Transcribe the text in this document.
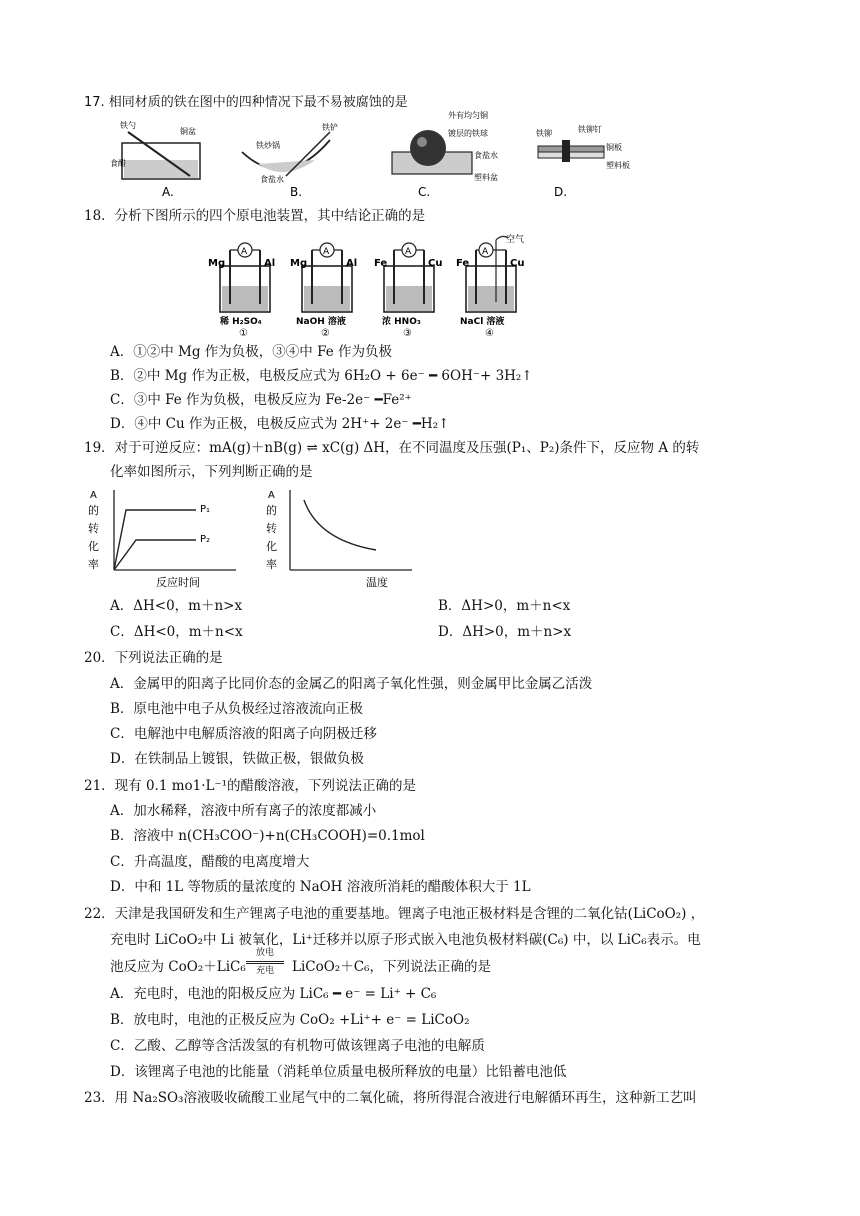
17. 相同材质的铁在图中的四种情况下最不易被腐蚀的是
铁勺
铜盆
食醋
A.
铁炒锅
铁铲
食盐水
B.
外有均匀铜
镀层的铁球
食盐水
塑料盆
C.
铁铆	铁铆钉
铜板
塑料板
D.
18．分析下图所示的四个原电池装置，其中结论正确的是
A
Mg	Al
稀 H₂SO₄
①
A
Mg	Al
NaOH 溶液
②
A
Fe	Cu
浓 HNO₃
③
A
空气
Fe	Cu
NaCl 溶液
④
A．①②中 Mg 作为负极，③④中 Fe 作为负极
B．②中 Mg 作为正极，电极反应式为 6H₂O + 6e⁻ ━ 6OH⁻+ 3H₂↑
C．③中 Fe 作为负极，电极反应为 Fe-2e⁻ ━Fe²⁺
D．④中 Cu 作为正极，电极反应式为 2H⁺+ 2e⁻ ━H₂↑
19．对于可逆反应：mA(g)＋nB(g) ⇌ xC(g) ΔH，在不同温度及压强(P₁、P₂)条件下，反应物 A 的转
化率如图所示，下列判断正确的是
A
的
转
化
率
P₁
P₂
反应时间
A
的
转
化
率
温度
A．ΔH<0，m＋n>x	B．ΔH>0，m＋n<x
C．ΔH<0，m＋n<x	D．ΔH>0，m＋n>x
20．下列说法正确的是
A．金属甲的阳离子比同价态的金属乙的阳离子氧化性强，则金属甲比金属乙活泼
B．原电池中电子从负极经过溶液流向正极
C．电解池中电解质溶液的阳离子向阴极迁移
D．在铁制品上镀银，铁做正极，银做负极
21．现有 0.1 mo1·L⁻¹的醋酸溶液，下列说法正确的是
A．加水稀释，溶液中所有离子的浓度都减小
B．溶液中 n(CH₃COO⁻)+n(CH₃COOH)=0.1mol
C．升高温度，醋酸的电离度增大
D．中和 1L 等物质的量浓度的 NaOH 溶液所消耗的醋酸体积大于 1L
22．天津是我国研发和生产锂离子电池的重要基地。锂离子电池正极材料是含锂的二氧化钴(LiCoO₂) ，
充电时 LiCoO₂中 Li 被氧化，Li⁺迁移并以原子形式嵌入电池负极材料碳(C₆) 中，以 LiC₆表示。电
池反应为 CoO₂＋LiC₆
放电
充电	LiCoO₂＋C₆，下列说法正确的是
A．充电时，电池的阳极反应为 LiC₆ ━ e⁻ = Li⁺ + C₆
B．放电时，电池的正极反应为 CoO₂ +Li⁺+ e⁻ = LiCoO₂
C．乙酸、乙醇等含活泼氢的有机物可做该锂离子电池的电解质
D．该锂离子电池的比能量（消耗单位质量电极所释放的电量）比铅蓄电池低
23．用 Na₂SO₃溶液吸收硫酸工业尾气中的二氧化硫，将所得混合液进行电解循环再生，这种新工艺叫
